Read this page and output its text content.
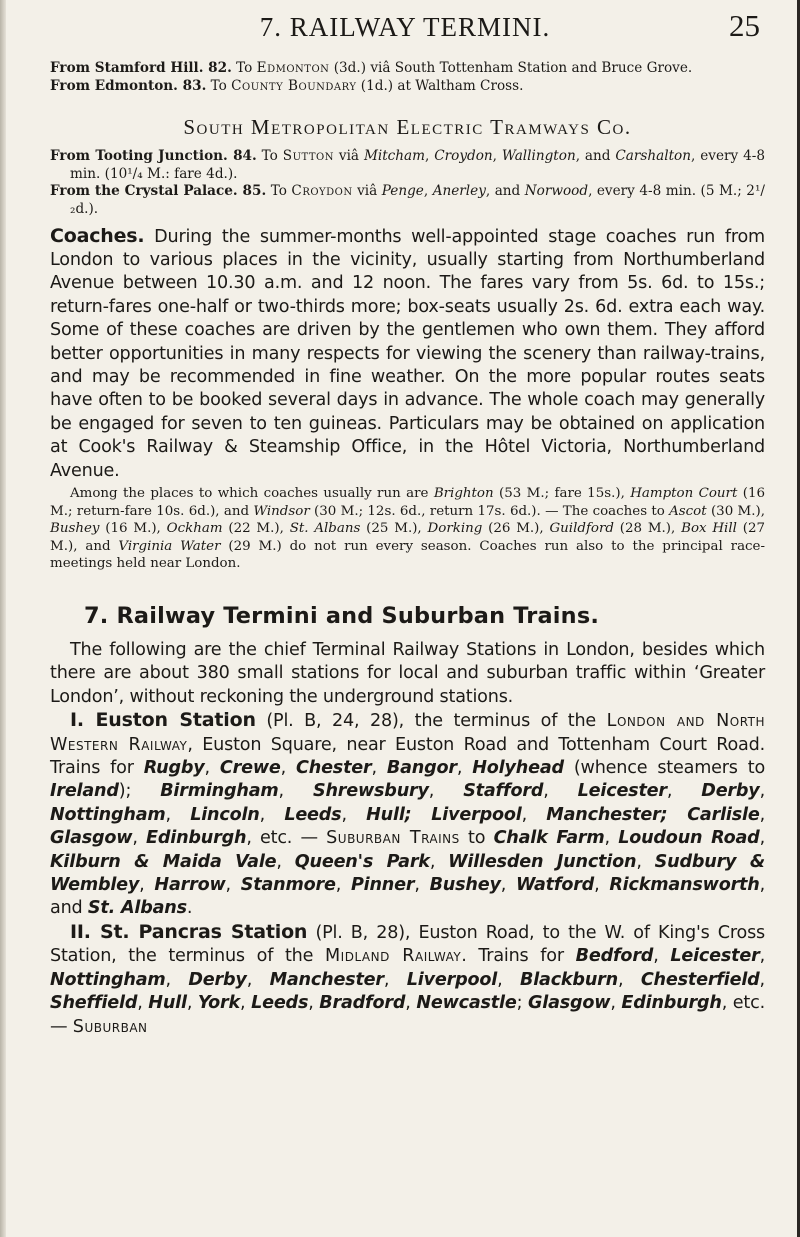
7. RAILWAY TERMINI.	25

From Stamford Hill. 82. To Edmonton (3d.) viâ South Tottenham Station and Bruce Grove.

From Edmonton. 83. To County Boundary (1d.) at Waltham Cross.

South Metropolitan Electric Tramways Co.

From Tooting Junction. 84. To Sutton viâ Mitcham, Croydon, Wallington, and Carshalton, every 4-8 min. (10¹/₄ M.: fare 4d.).

From the Crystal Palace. 85. To Croydon viâ Penge, Anerley, and Norwood, every 4-8 min. (5 M.; 2¹/₂d.).

Coaches. During the summer-months well-appointed stage coaches run from London to various places in the vicinity, usually starting from Northumberland Avenue between 10.30 a.m. and 12 noon. The fares vary from 5s. 6d. to 15s.; return-fares one-half or two-thirds more; box-seats usually 2s. 6d. extra each way. Some of these coaches are driven by the gentlemen who own them. They afford better opportunities in many respects for viewing the scenery than railway-trains, and may be recommended in fine weather. On the more popular routes seats have often to be booked several days in advance. The whole coach may generally be engaged for seven to ten guineas. Particulars may be obtained on application at Cook's Railway & Steamship Office, in the Hôtel Victoria, Northumberland Avenue.

Among the places to which coaches usually run are Brighton (53 M.; fare 15s.), Hampton Court (16 M.; return-fare 10s. 6d.), and Windsor (30 M.; 12s. 6d., return 17s. 6d.). — The coaches to Ascot (30 M.), Bushey (16 M.), Ockham (22 M.), St. Albans (25 M.), Dorking (26 M.), Guildford (28 M.), Box Hill (27 M.), and Virginia Water (29 M.) do not run every season. Coaches run also to the principal race-meetings held near London.

7. Railway Termini and Suburban Trains.

The following are the chief Terminal Railway Stations in London, besides which there are about 380 small stations for local and suburban traffic within ‘Greater London’, without reckoning the underground stations.

I. Euston Station (Pl. B, 24, 28), the terminus of the London and North Western Railway, Euston Square, near Euston Road and Tottenham Court Road. Trains for Rugby, Crewe, Chester, Bangor, Holyhead (whence steamers to Ireland); Birmingham, Shrewsbury, Stafford, Leicester, Derby, Nottingham, Lincoln, Leeds, Hull; Liverpool, Manchester; Carlisle, Glasgow, Edinburgh, etc. — Suburban Trains to Chalk Farm, Loudoun Road, Kilburn & Maida Vale, Queen's Park, Willesden Junction, Sudbury & Wembley, Harrow, Stanmore, Pinner, Bushey, Watford, Rickmansworth, and St. Albans.

II. St. Pancras Station (Pl. B, 28), Euston Road, to the W. of King's Cross Station, the terminus of the Midland Railway. Trains for Bedford, Leicester, Nottingham, Derby, Manchester, Liverpool, Blackburn, Chesterfield, Sheffield, Hull, York, Leeds, Bradford, Newcastle; Glasgow, Edinburgh, etc. — Suburban
